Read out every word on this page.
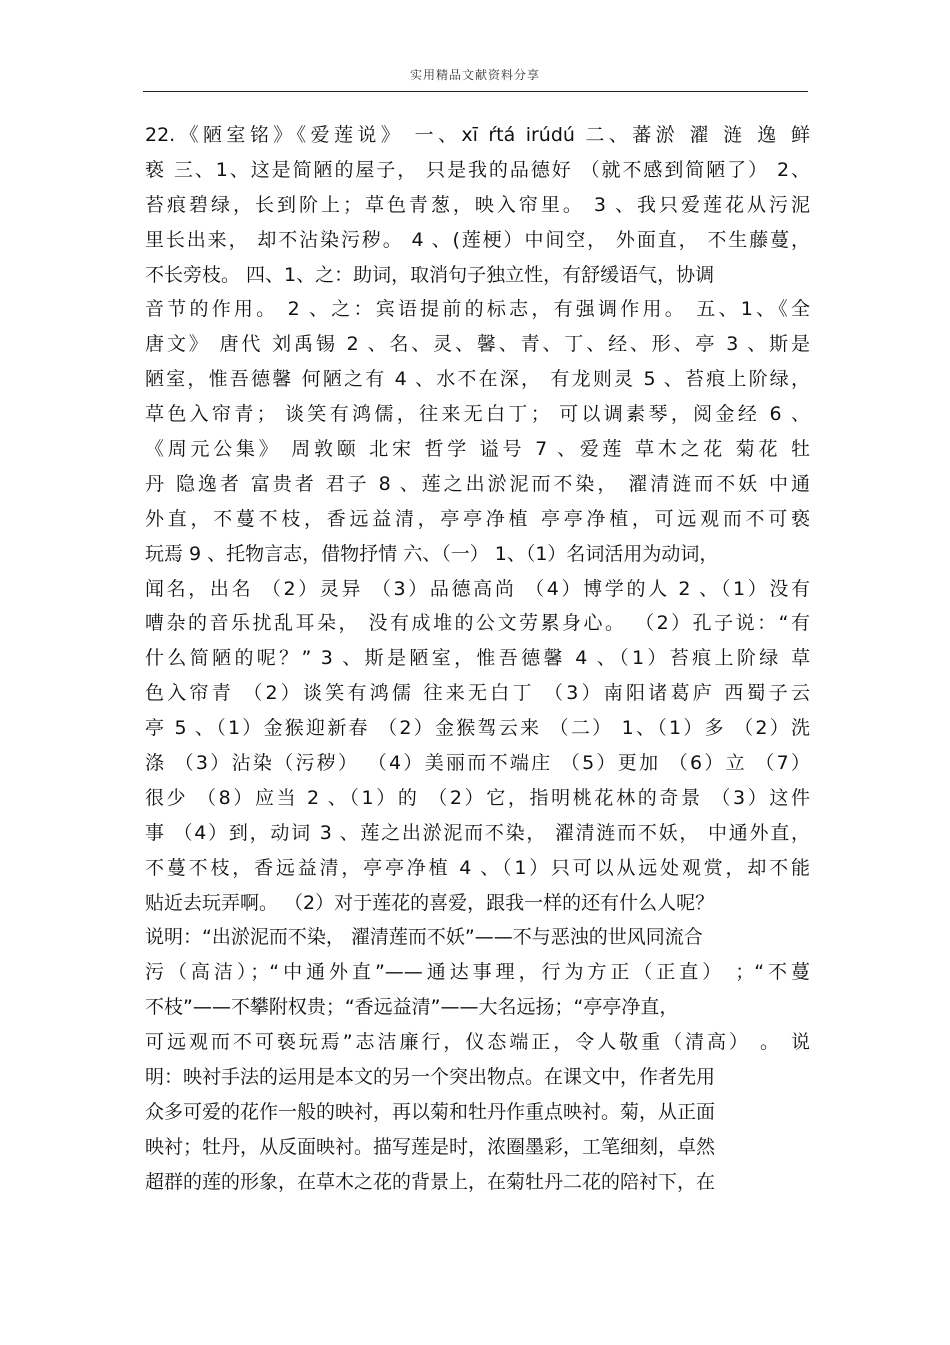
实用精品文献资料分享
22.《陋室铭》《爱莲说》 一、xī ŕtá irúdú 二、蕃淤 濯 涟 逸 鲜
亵 三、1、这是简陋的屋子， 只是我的品德好 （就不感到简陋了） 2、
苔痕碧绿，长到阶上；草色青葱，映入帘里。 3 、我只爱莲花从污泥
里长出来， 却不沾染污秽。 4 、(莲梗）中间空， 外面直， 不生藤蔓，
不长旁枝。 四、1、之：助词，取消句子独立性，有舒缓语气，协调
音节的作用。 2 、之：宾语提前的标志，有强调作用。 五、1、《全
唐文》 唐代 刘禹锡 2 、名、灵、馨、青、丁、经、形、亭 3 、斯是
陋室，惟吾德馨 何陋之有 4 、水不在深， 有龙则灵 5 、苔痕上阶绿，
草色入帘青； 谈笑有鸿儒，往来无白丁； 可以调素琴，阅金经 6 、
《周元公集》 周敦颐 北宋 哲学 谥号 7 、爱莲 草木之花 菊花 牡
丹 隐逸者 富贵者 君子 8 、莲之出淤泥而不染， 濯清涟而不妖 中通
外直，不蔓不枝，香远益清，亭亭净植 亭亭净植，可远观而不可亵
玩焉 9 、托物言志，借物抒情 六、（一） 1、（1）名词活用为动词，
闻名，出名 （2）灵异 （3）品德高尚 （4）博学的人 2 、（1）没有
嘈杂的音乐扰乱耳朵， 没有成堆的公文劳累身心。 （2）孔子说：“有
什么简陋的呢？” 3 、斯是陋室，惟吾德馨 4 、（1）苔痕上阶绿 草
色入帘青 （2）谈笑有鸿儒 往来无白丁 （3）南阳诸葛庐 西蜀子云
亭 5 、（1）金猴迎新春 （2）金猴驾云来 （二） 1、（1）多 （2）洗
涤 （3）沾染（污秽） （4）美丽而不端庄 （5）更加 （6）立 （7）
很少 （8）应当 2 、（1）的 （2）它，指明桃花林的奇景 （3）这件
事 （4）到，动词 3 、莲之出淤泥而不染， 濯清涟而不妖， 中通外直，
不蔓不枝，香远益清，亭亭净植 4 、（1）只可以从远处观赏，却不能
贴近去玩弄啊。 （2）对于莲花的喜爱，跟我一样的还有什么人呢？
说明：“出淤泥而不染， 濯清莲而不妖”——不与恶浊的世风同流合
污（高洁）；“中通外直”——通达事理，行为方正（正直） ；“不蔓
不枝”——不攀附权贵；“香远益清”——大名远扬；“亭亭净直，
可远观而不可亵玩焉”志洁廉行，仪态端正，令人敬重（清高） 。 说
明：映衬手法的运用是本文的另一个突出物点。在课文中，作者先用
众多可爱的花作一般的映衬，再以菊和牡丹作重点映衬。菊，从正面
映衬；牡丹，从反面映衬。描写莲是时，浓圈墨彩，工笔细刻，卓然
超群的莲的形象，在草木之花的背景上，在菊牡丹二花的陪衬下，在
